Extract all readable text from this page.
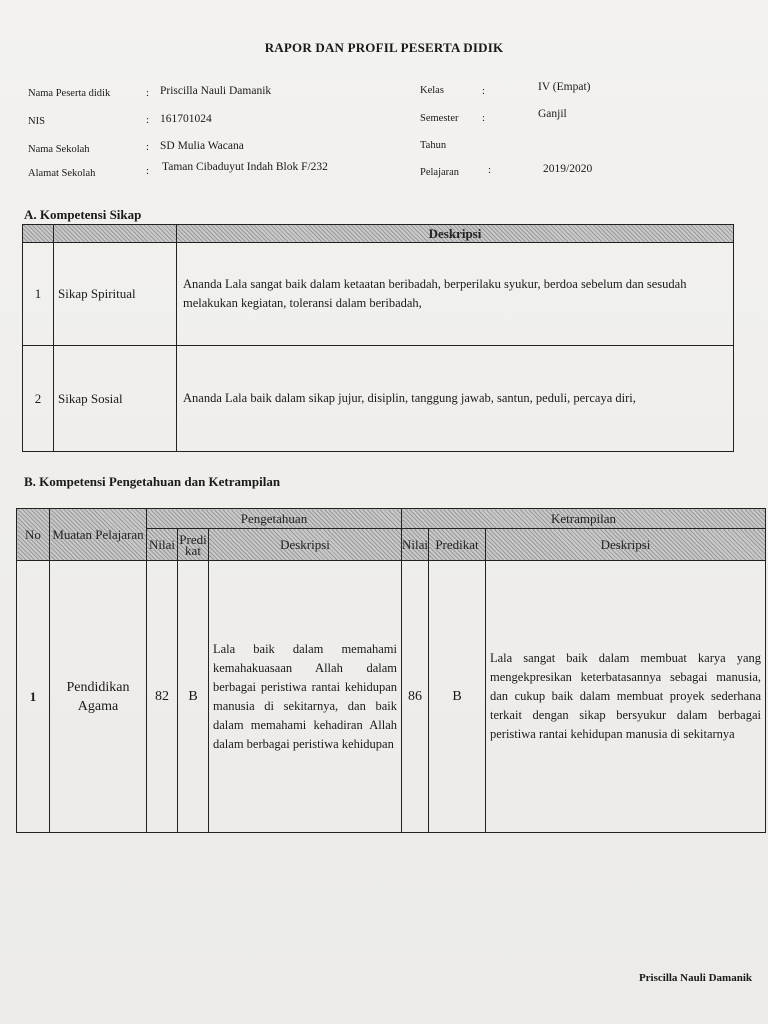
RAPOR DAN PROFIL PESERTA DIDIK
Nama Peserta didik	: Priscilla Nauli Damanik
NIS	: 161701024
Nama Sekolah	: SD Mulia Wacana
Alamat Sekolah	: Taman Cibaduyut Indah Blok F/232
Kelas	:	IV (Empat)
Semester :	Ganjil
Tahun
Pelajaran	:	2019/2020
A. Kompetensi Sikap
		Deskripsi
1	Sikap Spiritual	Ananda Lala sangat baik dalam ketaatan beribadah, berperilaku syukur, berdoa sebelum dan sesudah melakukan kegiatan, toleransi dalam beribadah,
2	Sikap Sosial	Ananda Lala baik dalam sikap jujur, disiplin, tanggung jawab, santun, peduli, percaya diri,
B. Kompetensi Pengetahuan dan Ketrampilan
No	Muatan Pelajaran	Pengetahuan			Ketrampilan		
		Nilai	Predi kat	Deskripsi	Nilai	Predikat	Deskripsi
1	Pendidikan Agama	82	B	Lala baik dalam memahami kemahakuasaan Allah dalam berbagai peristiwa rantai kehidupan manusia di sekitarnya, dan baik dalam memahami kehadiran Allah dalam berbagai peristiwa kehidupan	86	B	Lala sangat baik dalam membuat karya yang mengekpresikan keterbatasannya sebagai manusia, dan cukup baik dalam membuat proyek sederhana terkait dengan sikap bersyukur dalam berbagai peristiwa rantai kehidupan manusia di sekitarnya
Priscilla Nauli Damanik
